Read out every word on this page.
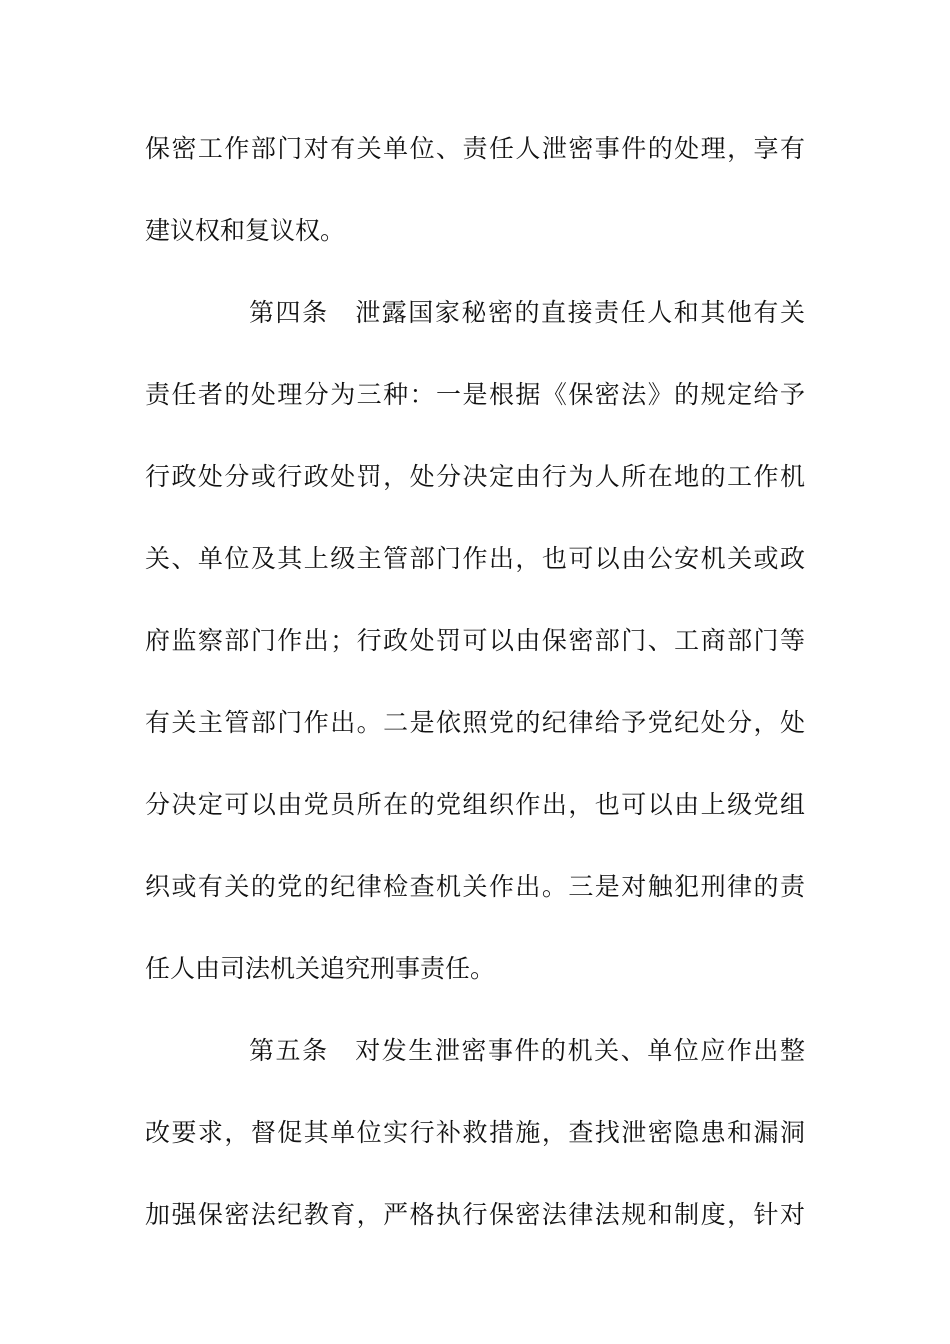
保密工作部门对有关单位、责任人泄密事件的处理，享有
建议权和复议权。
第四条　泄露国家秘密的直接责任人和其他有关
责任者的处理分为三种：一是根据《保密法》的规定给予
行政处分或行政处罚，处分决定由行为人所在地的工作机
关、单位及其上级主管部门作出，也可以由公安机关或政
府监察部门作出；行政处罚可以由保密部门、工商部门等
有关主管部门作出。二是依照党的纪律给予党纪处分，处
分决定可以由党员所在的党组织作出，也可以由上级党组
织或有关的党的纪律检查机关作出。三是对触犯刑律的责
任人由司法机关追究刑事责任。
第五条　对发生泄密事件的机关、单位应作出整
改要求，督促其单位实行补救措施，查找泄密隐患和漏洞
加强保密法纪教育，严格执行保密法律法规和制度，针对
